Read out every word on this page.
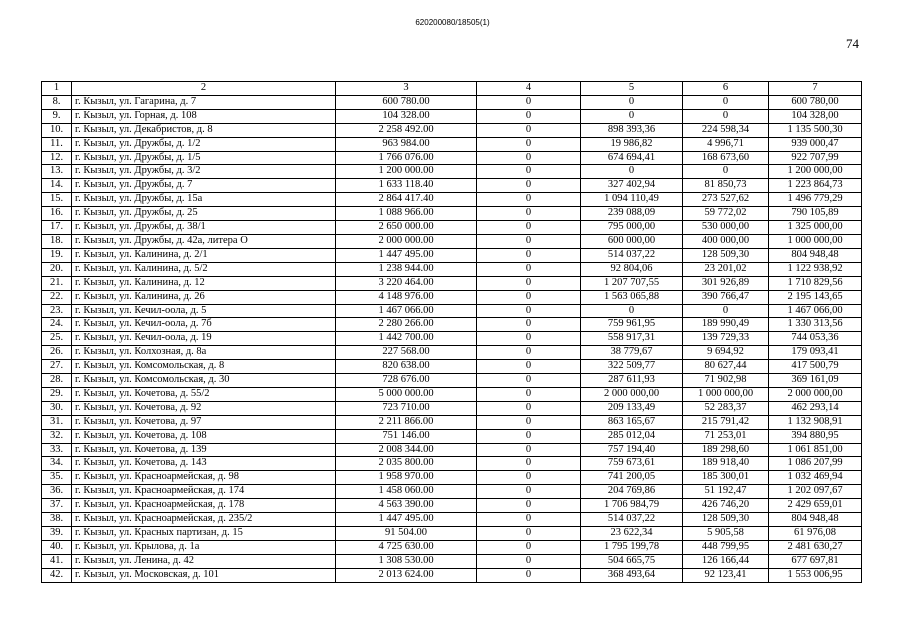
620200080/18505(1)
74
1	2	3	4	5	6	7
8.	г. Кызыл, ул. Гагарина, д. 7	600 780.00	0	0	0	600 780,00
9.	г. Кызыл, ул. Горная, д. 108	104 328.00	0	0	0	104 328,00
10.	г. Кызыл, ул. Декабристов, д. 8	2 258 492.00	0	898 393,36	224 598,34	1 135 500,30
11.	г. Кызыл, ул. Дружбы, д. 1/2	963 984.00	0	19 986,82	4 996,71	939 000,47
12.	г. Кызыл, ул. Дружбы, д. 1/5	1 766 076.00	0	674 694,41	168 673,60	922 707,99
13.	г. Кызыл, ул. Дружбы, д. 3/2	1 200 000.00	0	0	0	1 200 000,00
14.	г. Кызыл, ул. Дружбы, д. 7	1 633 118.40	0	327 402,94	81 850,73	1 223 864,73
15.	г. Кызыл, ул. Дружбы, д. 15а	2 864 417.40	0	1 094 110,49	273 527,62	1 496 779,29
16.	г. Кызыл, ул. Дружбы, д. 25	1 088 966.00	0	239 088,09	59 772,02	790 105,89
17.	г. Кызыл, ул. Дружбы, д. 38/1	2 650 000.00	0	795 000,00	530 000,00	1 325 000,00
18.	г. Кызыл, ул. Дружбы, д. 42а, литера О	2 000 000.00	0	600 000,00	400 000,00	1 000 000,00
19.	г. Кызыл, ул. Калинина, д. 2/1	1 447 495.00	0	514 037,22	128 509,30	804 948,48
20.	г. Кызыл, ул. Калинина, д. 5/2	1 238 944.00	0	92 804,06	23 201,02	1 122 938,92
21.	г. Кызыл, ул. Калинина, д. 12	3 220 464.00	0	1 207 707,55	301 926,89	1 710 829,56
22.	г. Кызыл, ул. Калинина, д. 26	4 148 976.00	0	1 563 065,88	390 766,47	2 195 143,65
23.	г. Кызыл, ул. Кечил-оола, д. 5	1 467 066.00	0	0	0	1 467 066,00
24.	г. Кызыл, ул. Кечил-оола, д. 7б	2 280 266.00	0	759 961,95	189 990,49	1 330 313,56
25.	г. Кызыл, ул. Кечил-оола, д. 19	1 442 700.00	0	558 917,31	139 729,33	744 053,36
26.	г. Кызыл, ул. Колхозная, д. 8а	227 568.00	0	38 779,67	9 694,92	179 093,41
27.	г. Кызыл, ул. Комсомольская, д. 8	820 638.00	0	322 509,77	80 627,44	417 500,79
28.	г. Кызыл, ул. Комсомольская, д. 30	728 676.00	0	287 611,93	71 902,98	369 161,09
29.	г. Кызыл, ул. Кочетова, д. 55/2	5 000 000.00	0	2 000 000,00	1 000 000,00	2 000 000,00
30.	г. Кызыл, ул. Кочетова, д. 92	723 710.00	0	209 133,49	52 283,37	462 293,14
31.	г. Кызыл, ул. Кочетова, д. 97	2 211 866.00	0	863 165,67	215 791,42	1 132 908,91
32.	г. Кызыл, ул. Кочетова, д. 108	751 146.00	0	285 012,04	71 253,01	394 880,95
33.	г. Кызыл, ул. Кочетова, д. 139	2 008 344.00	0	757 194,40	189 298,60	1 061 851,00
34.	г. Кызыл, ул. Кочетова, д. 143	2 035 800.00	0	759 673,61	189 918,40	1 086 207,99
35.	г. Кызыл, ул. Красноармейская, д. 98	1 958 970.00	0	741 200,05	185 300,01	1 032 469,94
36.	г. Кызыл, ул. Красноармейская, д. 174	1 458 060.00	0	204 769,86	51 192,47	1 202 097,67
37.	г. Кызыл, ул. Красноармейская, д. 178	4 563 390.00	0	1 706 984,79	426 746,20	2 429 659,01
38.	г. Кызыл, ул. Красноармейская, д. 235/2	1 447 495.00	0	514 037,22	128 509,30	804 948,48
39.	г. Кызыл, ул. Красных партизан, д. 15	91 504.00	0	23 622,34	5 905,58	61 976,08
40.	г. Кызыл, ул. Крылова, д. 1а	4 725 630.00	0	1 795 199,78	448 799,95	2 481 630,27
41.	г. Кызыл, ул. Ленина, д. 42	1 308 530.00	0	504 665,75	126 166,44	677 697,81
42.	г. Кызыл, ул. Московская, д. 101	2 013 624.00	0	368 493,64	92 123,41	1 553 006,95
